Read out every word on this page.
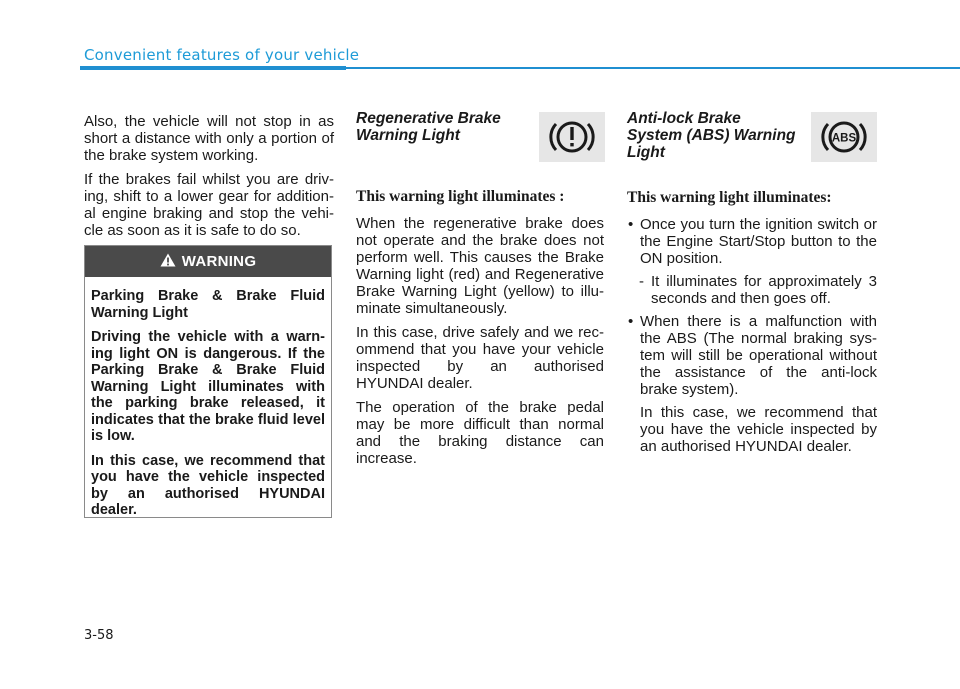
Convenient features of your vehicle

Also, the vehicle will not stop in as short a distance with only a portion of the brake system working.

If the brakes fail whilst you are driv-ing, shift to a lower gear for addition-al engine braking and stop the vehi-cle as soon as it is safe to do so.

WARNING

Parking Brake & Brake Fluid Warning Light

Driving the vehicle with a warn-ing light ON is dangerous. If the Parking Brake & Brake Fluid Warning Light illuminates with the parking brake released, it indicates that the brake fluid level is low.

In this case, we recommend that you have the vehicle inspected by an authorised HYUNDAI dealer.

Regenerative Brake Warning Light
This warning light illuminates :

When the regenerative brake does not operate and the brake does not perform well. This causes the Brake Warning light (red) and Regenerative Brake Warning Light (yellow) to illu-minate simultaneously.

In this case, drive safely and we rec-ommend that you have your vehicle inspected by an authorised HYUNDAI dealer.

The operation of the brake pedal may be more difficult than normal and the braking distance can increase.

Anti-lock Brake System (ABS) Warning Light
This warning light illuminates:
• Once you turn the ignition switch or the Engine Start/Stop button to the ON position.
- It illuminates for approximately 3 seconds and then goes off.
• When there is a malfunction with the ABS (The normal braking sys-tem will still be operational without the assistance of the anti-lock brake system).
In this case, we recommend that you have the vehicle inspected by an authorised HYUNDAI dealer.
ABS
3-58
